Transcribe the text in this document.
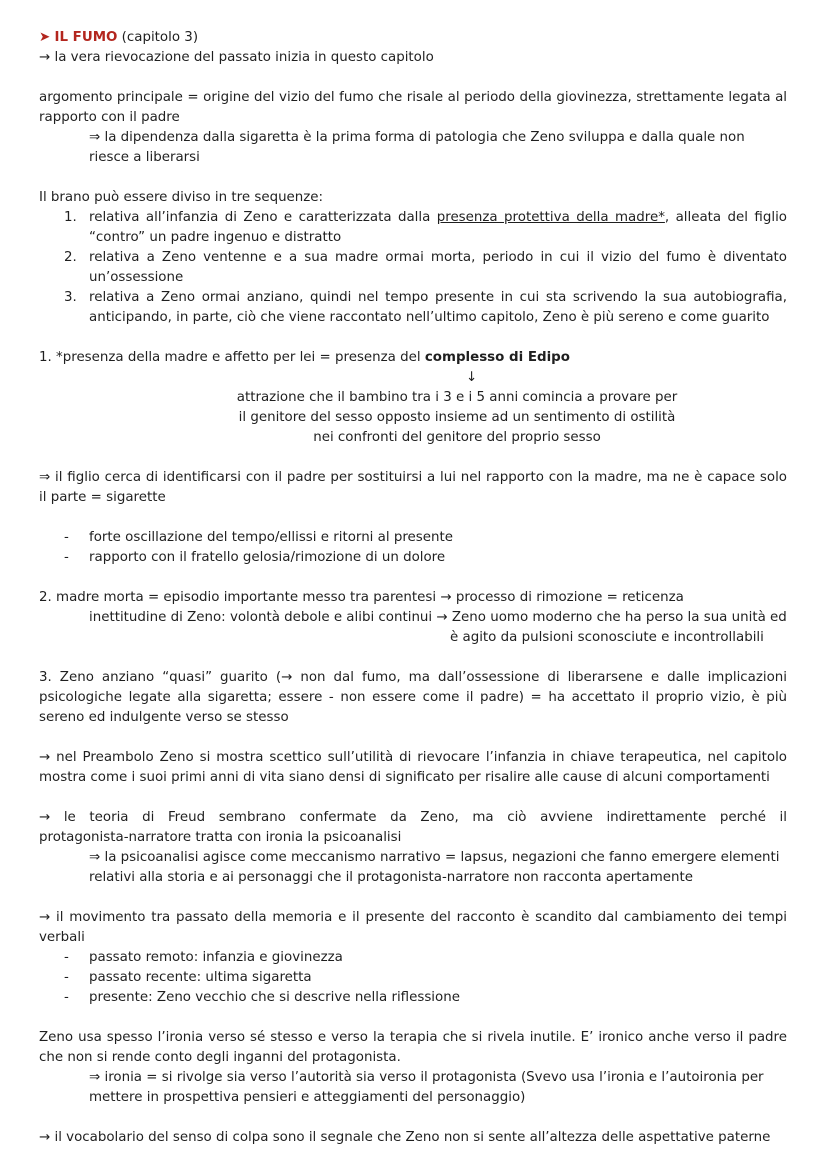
➤ IL FUMO (capitolo 3)
→ la vera rievocazione del passato inizia in questo capitolo
argomento principale = origine del vizio del fumo che risale al periodo della giovinezza, strettamente legata al
rapporto con il padre
⇒ la dipendenza dalla sigaretta è la prima forma di patologia che Zeno sviluppa e dalla quale non
riesce a liberarsi
Il brano può essere diviso in tre sequenze:
1. relativa all’infanzia di Zeno e caratterizzata dalla presenza protettiva della madre*, alleata del figlio
“contro” un padre ingenuo e distratto
2. relativa a Zeno ventenne e a sua madre ormai morta, periodo in cui il vizio del fumo è diventato
un’ossessione
3. relativa a Zeno ormai anziano, quindi nel tempo presente in cui sta scrivendo la sua autobiografia,
anticipando, in parte, ciò che viene raccontato nell’ultimo capitolo, Zeno è più sereno e come guarito
1. *presenza della madre e affetto per lei = presenza del complesso di Edipo
↓
attrazione che il bambino tra i 3 e i 5 anni comincia a provare per
il genitore del sesso opposto insieme ad un sentimento di ostilità
nei confronti del genitore del proprio sesso
⇒ il figlio cerca di identificarsi con il padre per sostituirsi a lui nel rapporto con la madre, ma ne è capace solo
il parte = sigarette
- forte oscillazione del tempo/ellissi e ritorni al presente
- rapporto con il fratello gelosia/rimozione di un dolore
2. madre morta = episodio importante messo tra parentesi → processo di rimozione = reticenza
inettitudine di Zeno: volontà debole e alibi continui → Zeno uomo moderno che ha perso la sua unità ed
è agito da pulsioni sconosciute e incontrollabili
3. Zeno anziano “quasi” guarito (→ non dal fumo, ma dall’ossessione di liberarsene e dalle implicazioni
psicologiche legate alla sigaretta; essere - non essere come il padre) = ha accettato il proprio vizio, è più
sereno ed indulgente verso se stesso
→ nel Preambolo Zeno si mostra scettico sull’utilità di rievocare l’infanzia in chiave terapeutica, nel capitolo
mostra come i suoi primi anni di vita siano densi di significato per risalire alle cause di alcuni comportamenti
→ le teoria di Freud sembrano confermate da Zeno, ma ciò avviene indirettamente perché il
protagonista-narratore tratta con ironia la psicoanalisi
⇒ la psicoanalisi agisce come meccanismo narrativo = lapsus, negazioni che fanno emergere elementi
relativi alla storia e ai personaggi che il protagonista-narratore non racconta apertamente
→ il movimento tra passato della memoria e il presente del racconto è scandito dal cambiamento dei tempi
verbali
- passato remoto: infanzia e giovinezza
- passato recente: ultima sigaretta
- presente: Zeno vecchio che si descrive nella riflessione
Zeno usa spesso l’ironia verso sé stesso e verso la terapia che si rivela inutile. E’ ironico anche verso il padre
che non si rende conto degli inganni del protagonista.
⇒ ironia = si rivolge sia verso l’autorità sia verso il protagonista (Svevo usa l’ironia e l’autoironia per
mettere in prospettiva pensieri e atteggiamenti del personaggio)
→ il vocabolario del senso di colpa sono il segnale che Zeno non si sente all’altezza delle aspettative paterne
